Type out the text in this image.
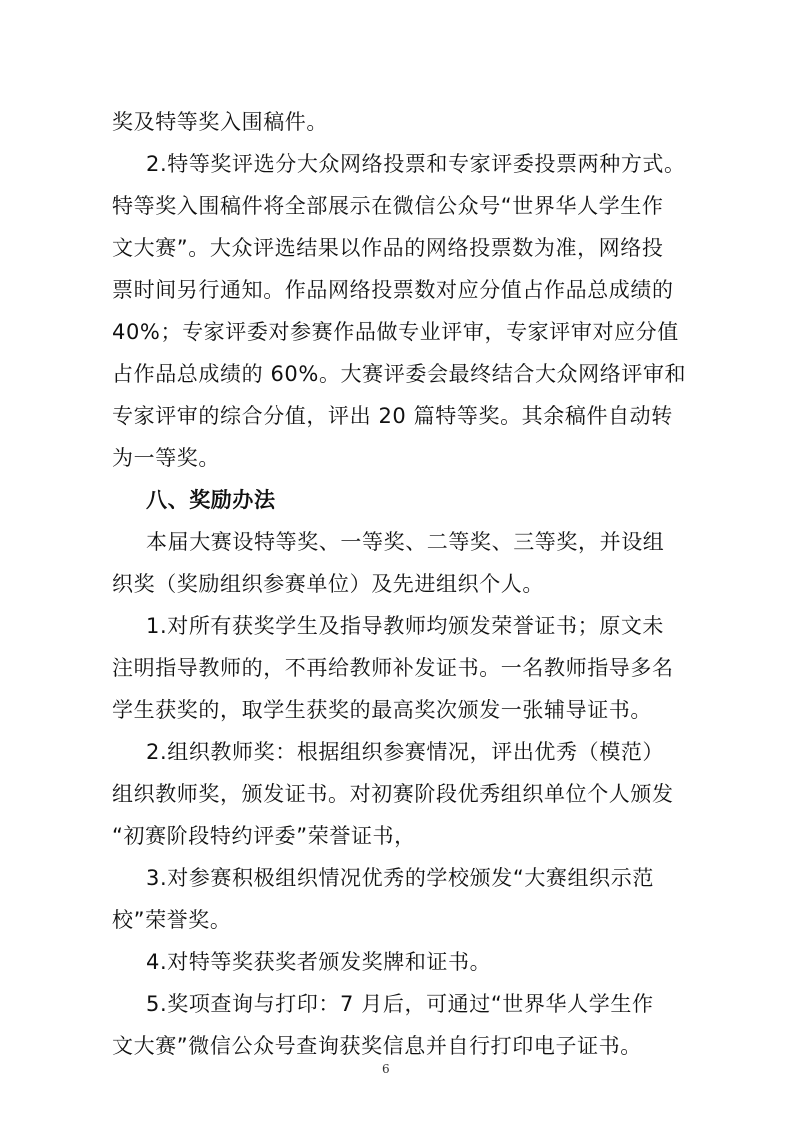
奖及特等奖入围稿件。
2.特等奖评选分大众网络投票和专家评委投票两种方式。
特等奖入围稿件将全部展示在微信公众号“世界华人学生作
文大赛”。大众评选结果以作品的网络投票数为准，网络投
票时间另行通知。作品网络投票数对应分值占作品总成绩的
40%；专家评委对参赛作品做专业评审，专家评审对应分值
占作品总成绩的 60%。大赛评委会最终结合大众网络评审和
专家评审的综合分值，评出 20 篇特等奖。其余稿件自动转
为一等奖。
八、奖励办法
本届大赛设特等奖、一等奖、二等奖、三等奖，并设组
织奖（奖励组织参赛单位）及先进组织个人。
1.对所有获奖学生及指导教师均颁发荣誉证书；原文未
注明指导教师的，不再给教师补发证书。一名教师指导多名
学生获奖的，取学生获奖的最高奖次颁发一张辅导证书。
2.组织教师奖：根据组织参赛情况，评出优秀（模范）
组织教师奖，颁发证书。对初赛阶段优秀组织单位个人颁发
“初赛阶段特约评委”荣誉证书，
3.对参赛积极组织情况优秀的学校颁发“大赛组织示范
校”荣誉奖。
4.对特等奖获奖者颁发奖牌和证书。
5.奖项查询与打印：7 月后，可通过“世界华人学生作
文大赛”微信公众号查询获奖信息并自行打印电子证书。
6
